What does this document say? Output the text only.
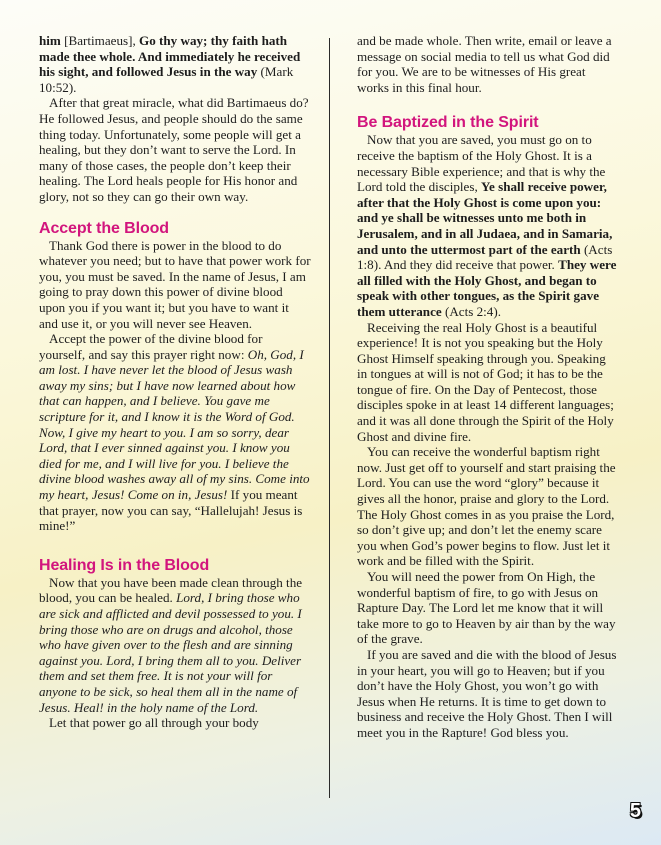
him [Bartimaeus], Go thy way; thy faith hath made thee whole. And immediately he received his sight, and followed Jesus in the way (Mark 10:52).

After that great miracle, what did Bartimaeus do? He followed Jesus, and people should do the same thing today. Unfortunately, some people will get a healing, but they don’t want to serve the Lord. In many of those cases, the people don’t keep their healing. The Lord heals people for His honor and glory, not so they can go their own way.

Accept the Blood

Thank God there is power in the blood to do whatever you need; but to have that power work for you, you must be saved. In the name of Jesus, I am going to pray down this power of divine blood upon you if you want it; but you have to want it and use it, or you will never see Heaven.

Accept the power of the divine blood for yourself, and say this prayer right now: Oh, God, I am lost. I have never let the blood of Jesus wash away my sins; but I have now learned about how that can happen, and I believe. You gave me scripture for it, and I know it is the Word of God. Now, I give my heart to you. I am so sorry, dear Lord, that I ever sinned against you. I know you died for me, and I will live for you. I believe the divine blood washes away all of my sins. Come into my heart, Jesus! Come on in, Jesus! If you meant that prayer, now you can say, “Hallelujah! Jesus is mine!”

Healing Is in the Blood

Now that you have been made clean through the blood, you can be healed. Lord, I bring those who are sick and afflicted and devil possessed to you. I bring those who are on drugs and alcohol, those who have given over to the flesh and are sinning against you. Lord, I bring them all to you. Deliver them and set them free. It is not your will for anyone to be sick, so heal them all in the name of Jesus. Heal! in the holy name of the Lord.

Let that power go all through your body

and be made whole. Then write, email or leave a message on social media to tell us what God did for you. We are to be witnesses of His great works in this final hour.

Be Baptized in the Spirit

Now that you are saved, you must go on to receive the baptism of the Holy Ghost. It is a necessary Bible experience; and that is why the Lord told the disciples, Ye shall receive power, after that the Holy Ghost is come upon you: and ye shall be witnesses unto me both in Jerusalem, and in all Judaea, and in Samaria, and unto the uttermost part of the earth (Acts 1:8). And they did receive that power. They were all filled with the Holy Ghost, and began to speak with other tongues, as the Spirit gave them utterance (Acts 2:4).

Receiving the real Holy Ghost is a beautiful experience! It is not you speaking but the Holy Ghost Himself speaking through you. Speaking in tongues at will is not of God; it has to be the tongue of fire. On the Day of Pentecost, those disciples spoke in at least 14 different languages; and it was all done through the Spirit of the Holy Ghost and divine fire.

You can receive the wonderful baptism right now. Just get off to yourself and start praising the Lord. You can use the word “glory” because it gives all the honor, praise and glory to the Lord. The Holy Ghost comes in as you praise the Lord, so don’t give up; and don’t let the enemy scare you when God’s power begins to flow. Just let it work and be filled with the Spirit.

You will need the power from On High, the wonderful baptism of fire, to go with Jesus on Rapture Day. The Lord let me know that it will take more to go to Heaven by air than by the way of the grave.

If you are saved and die with the blood of Jesus in your heart, you will go to Heaven; but if you don’t have the Holy Ghost, you won’t go with Jesus when He returns. It is time to get down to business and receive the Holy Ghost. Then I will meet you in the Rapture! God bless you.

5
